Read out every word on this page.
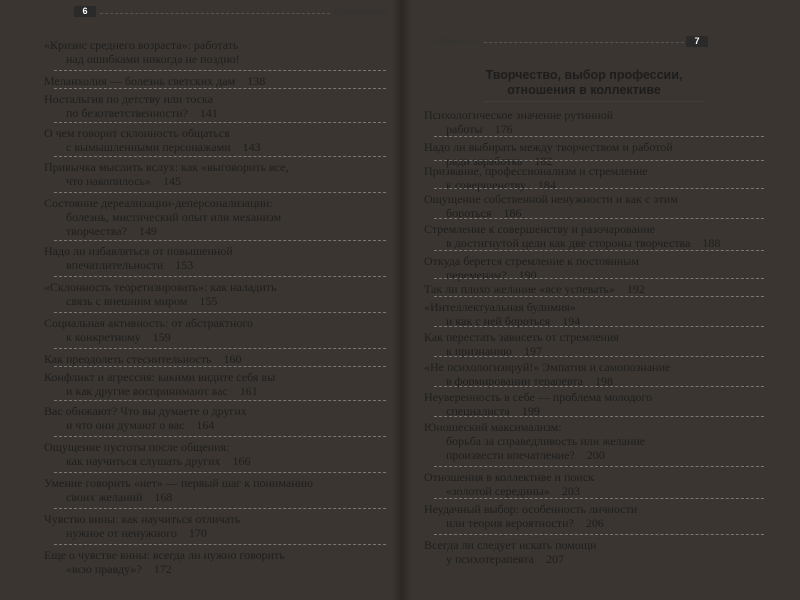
6	Содержание
«Кризис среднего возраста»: работать
над ошибками никогда не поздно!
Меланхолия — болезнь светских дам 138
Ностальгия по детству или тоска
по безответственности? 141
О чем говорит склонность общаться
с вымышленными персонажами 143
Привычка мыслить вслух: как «выговорить все,
что накопилось» 145
Состояние дереализации-деперсонализации:
болезнь, мистический опыт или механизм
творчества? 149
Надо ли избавляться от повышенной
впечатлительности 153
«Склонность теоретизировать»: как наладить
связь с внешним миром 155
Социальная активность: от абстрактного
к конкретному 159
Как преодолеть стеснительность 160
Конфликт и агрессия: какими видите себя вы
и как другие воспринимают вас 161
Вас обижают? Что вы думаете о других
и что они думают о вас 164
Ощущение пустоты после общения:
как научиться слушать других 166
Умение говорить «нет» — первый шаг к пониманию
своих желаний 168
Чувство вины: как научиться отличать
нужное от ненужного 170
Еще о чувстве вины: всегда ли нужно говорить
«всю правду»? 172
Содержание	7
Творчество, выбор профессии,
отношения в коллективе
Психологическое значение рутинной
работы 176
Надо ли выбирать между творчеством и работой
ради заработка 182
Призвание, профессионализм и стремление
к совершенству 184
Ощущение собственной ненужности и как с этим
бороться 186
Стремление к совершенству и разочарование
в достигнутой цели как две стороны творчества 188
Откуда берется стремление к постоянным
переменам? 190
Так ли плохо желание «все успевать» 192
«Интеллектуальная булимия»
и как с ней бороться 194
Как перестать зависеть от стремления
к признанию 197
«Не психологизируй!» Эмпатия и самопознание
в формировании терапевта 198
Неуверенность в себе — проблема молодого
специалиста 199
Юношеский максимализм:
борьба за справедливость или желание
произвести впечатление? 200
Отношения в коллективе и поиск
«золотой середины» 203
Неудачный выбор: особенность личности
или теория вероятности? 206
Всегда ли следует искать помощи
у психотерапевта 207
